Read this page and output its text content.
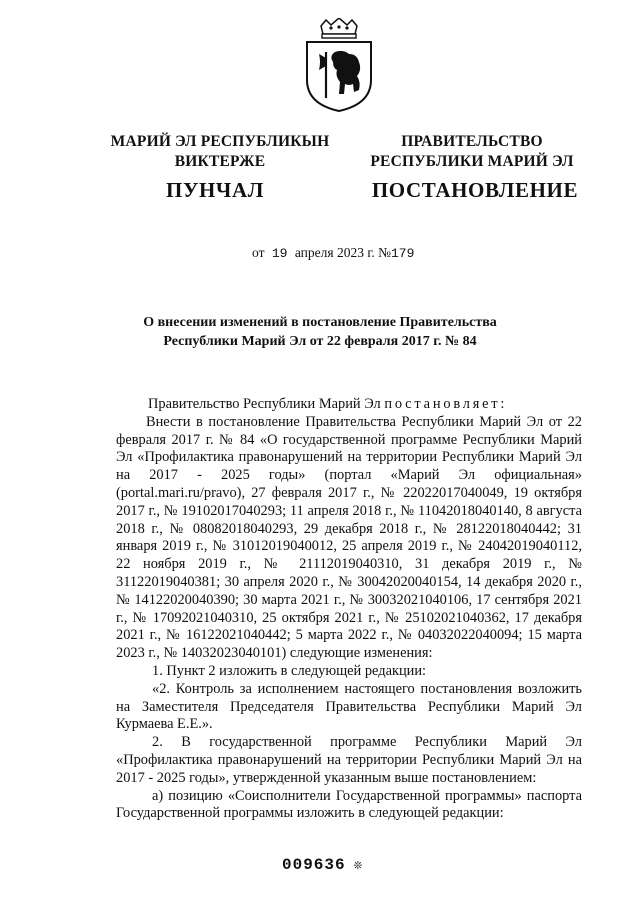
МАРИЙ ЭЛ РЕСПУБЛИКЫН
ВИКТЕРЖЕ
ПРАВИТЕЛЬСТВО
РЕСПУБЛИКИ МАРИЙ ЭЛ
ПУНЧАЛ	ПОСТАНОВЛЕНИЕ
от 19 апреля 2023 г. №179
О внесении изменений в постановление Правительства
Республики Марий Эл от 22 февраля 2017 г. № 84

Правительство Республики Марий Эл постановляет:

Внести в постановление Правительства Республики Марий Эл от 22 февраля 2017 г. № 84 «О государственной программе Республики Марий Эл «Профилактика правонарушений на территории Республики Марий Эл на 2017 - 2025 годы» (портал «Марий Эл официальная» (portal.mari.ru/pravo), 27 февраля 2017 г., № 22022017040049, 19 октября 2017 г., № 19102017040293; 11 апреля 2018 г., № 11042018040140, 8 августа 2018 г., № 08082018040293, 29 декабря 2018 г., № 28122018040442; 31 января 2019 г., № 31012019040012, 25 апреля 2019 г., № 24042019040112, 22 ноября 2019 г., № 21112019040310, 31 декабря 2019 г., № 31122019040381; 30 апреля 2020 г., № 30042020040154, 14 декабря 2020 г., № 14122020040390; 30 марта 2021 г., № 30032021040106, 17 сентября 2021 г., № 17092021040310, 25 октября 2021 г., № 25102021040362, 17 декабря 2021 г., № 16122021040442; 5 марта 2022 г., № 04032022040094; 15 марта 2023 г., № 14032023040101) следующие изменения:

1. Пункт 2 изложить в следующей редакции:

«2. Контроль за исполнением настоящего постановления возложить на Заместителя Председателя Правительства Республики Марий Эл Курмаева Е.Е.».

2. В государственной программе Республики Марий Эл «Профилактика правонарушений на территории Республики Марий Эл на 2017 - 2025 годы», утвержденной указанным выше постановлением:

а) позицию «Соисполнители Государственной программы» паспорта Государственной программы изложить в следующей редакции:

009636 ❊
